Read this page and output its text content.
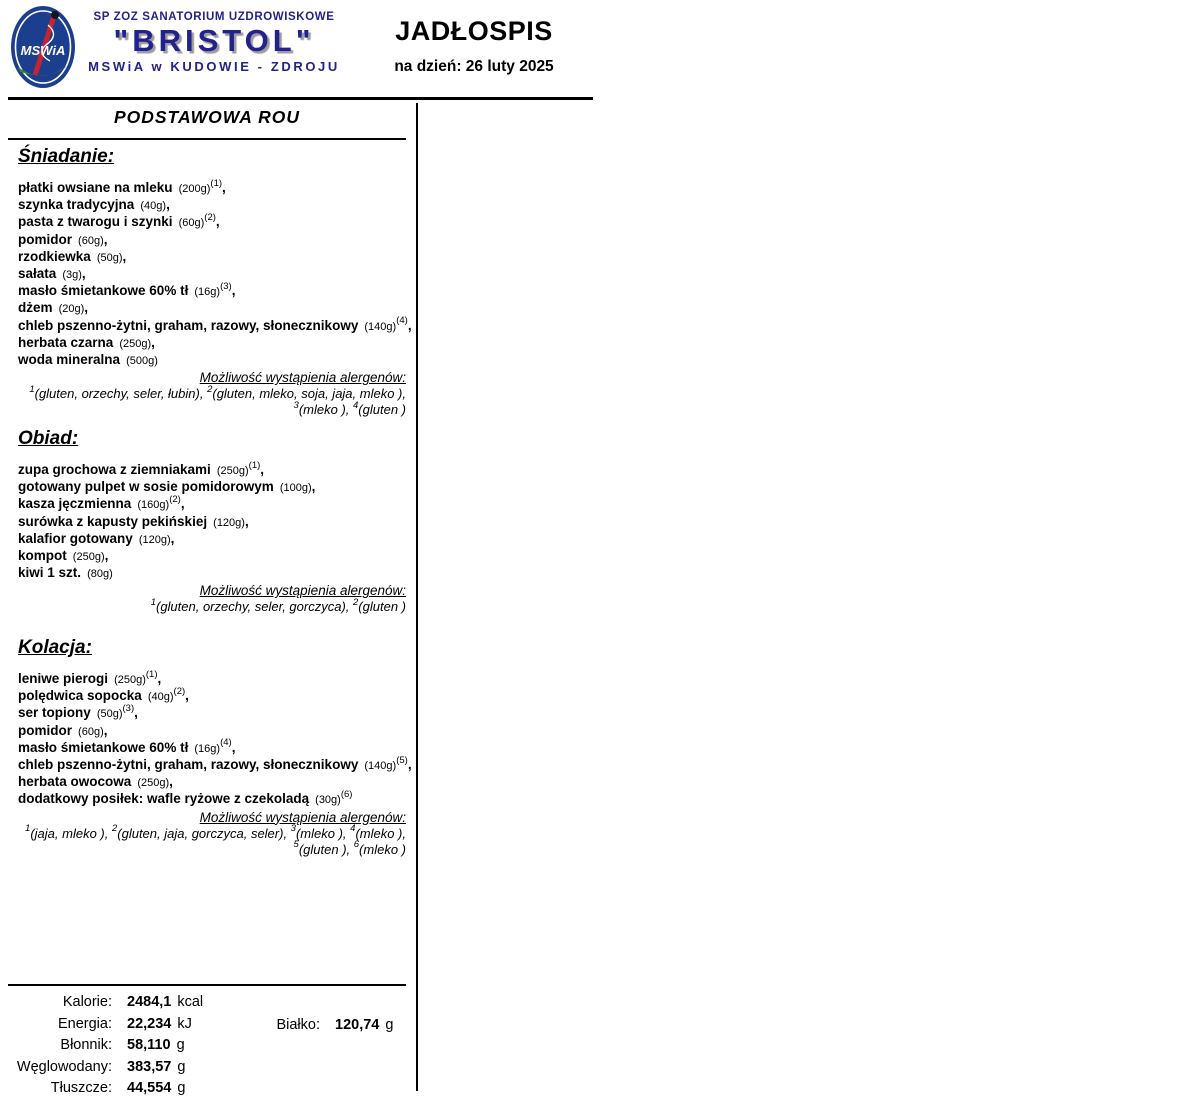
MSWiA
SP ZOZ SANATORIUM UZDROWISKOWE
"BRISTOL"
MSWiA w KUDOWIE - ZDROJU
JADŁOSPIS
na dzień: 26 luty 2025
PODSTAWOWA ROU
Śniadanie:
płatki owsiane na mleku $(200g)^{(1)}$,
szynka tradycyjna (40g),
pasta z twarogu i szynki $(60g)^{(2)}$,
pomidor (60g),
rzodkiewka (50g),
sałata (3g),
masło śmietankowe 60% tł $(16g)^{(3)}$,
dżem (20g),
chleb pszenno-żytni, graham, razowy, słonecznikowy $(140g)^{(4)}$,
herbata czarna (250g),
woda mineralna (500g)
Możliwość wystąpienia alergenów:
$^1$(gluten, orzechy, seler, łubin), $^2$(gluten, mleko, soja, jaja, mleko ),
$^3$(mleko ), $^4$(gluten )
Obiad:
zupa grochowa z ziemniakami $(250g)^{(1)}$,
gotowany pulpet w sosie pomidorowym (100g),
kasza jęczmienna $(160g)^{(2)}$,
surówka z kapusty pekińskiej (120g),
kalafior gotowany (120g),
kompot (250g),
kiwi 1 szt. (80g)
Możliwość wystąpienia alergenów:
$^1$(gluten, orzechy, seler, gorczyca), $^2$(gluten )
Kolacja:
leniwe pierogi $(250g)^{(1)}$,
polędwica sopocka $(40g)^{(2)}$,
ser topiony $(50g)^{(3)}$,
pomidor (60g),
masło śmietankowe 60% tł $(16g)^{(4)}$,
chleb pszenno-żytni, graham, razowy, słonecznikowy $(140g)^{(5)}$,
herbata owocowa (250g),
dodatkowy posiłek: wafle ryżowe z czekoladą $(30g)^{(6)}$
Możliwość wystąpienia alergenów:
$^1$(jaja, mleko ), $^2$(gluten, jaja, gorczyca, seler), $^3$(mleko ), $^4$(mleko ),
$^5$(gluten ), $^6$(mleko )
Kalorie: 2484,1 kcal
Energia: 22,234 kJ
Błonnik: 58,110 g
Węglowodany: 383,57 g
Tłuszcze: 44,554 g
Białko: 120,74 g
